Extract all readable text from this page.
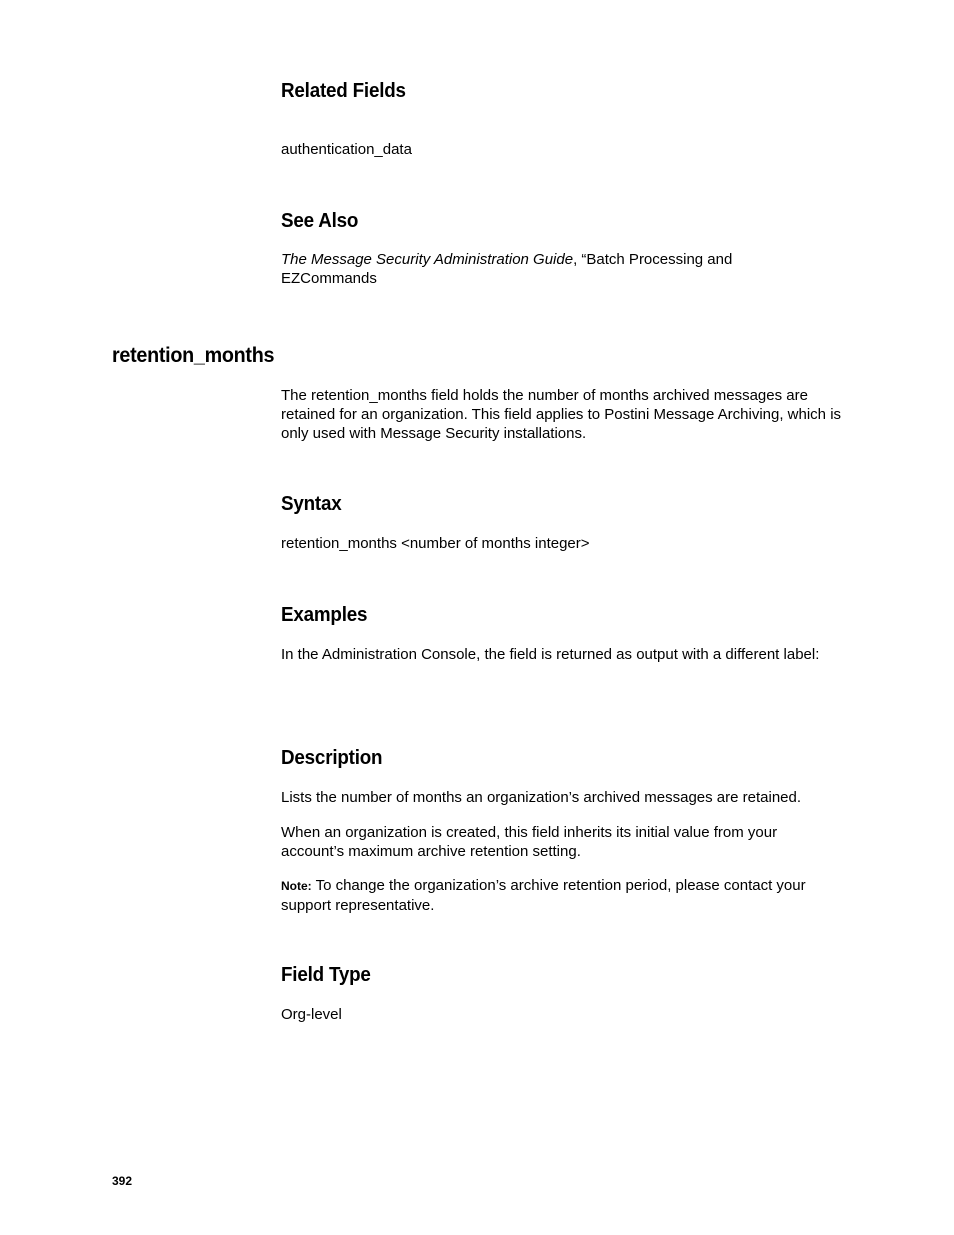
Related Fields

authentication_data

See Also

The Message Security Administration Guide, “Batch Processing and EZCommands

retention_months

The retention_months field holds the number of months archived messages are retained for an organization. This field applies to Postini Message Archiving, which is only used with Message Security installations.

Syntax

retention_months <number of months integer>

Examples

In the Administration Console, the field is returned as output with a different label:

Description

Lists the number of months an organization’s archived messages are retained.

When an organization is created, this field inherits its initial value from your account’s maximum archive retention setting.

Note: To change the organization’s archive retention period, please contact your support representative.

Field Type

Org-level

392
